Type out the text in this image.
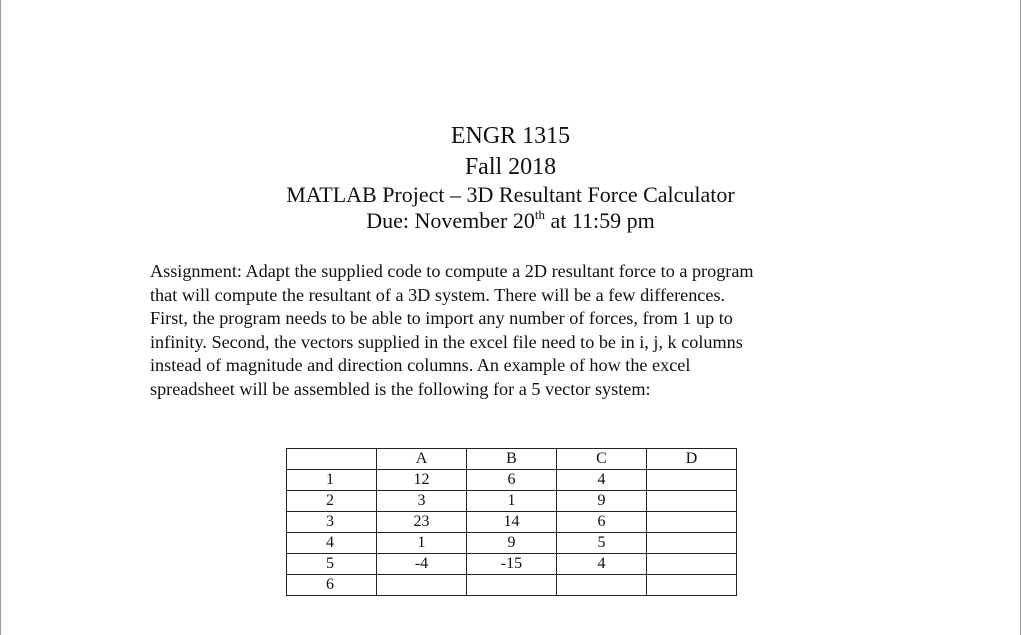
ENGR 1315
Fall 2018
MATLAB Project – 3D Resultant Force Calculator
Due: November 20th at 11:59 pm
Assignment: Adapt the supplied code to compute a 2D resultant force to a program
that will compute the resultant of a 3D system. There will be a few differences.
First, the program needs to be able to import any number of forces, from 1 up to
infinity. Second, the vectors supplied in the excel file need to be in i, j, k columns
instead of magnitude and direction columns. An example of how the excel
spreadsheet will be assembled is the following for a 5 vector system:
	A	B	C	D
1	12	6	4	
2	3	1	9	
3	23	14	6	
4	1	9	5	
5	-4	-15	4	
6				
